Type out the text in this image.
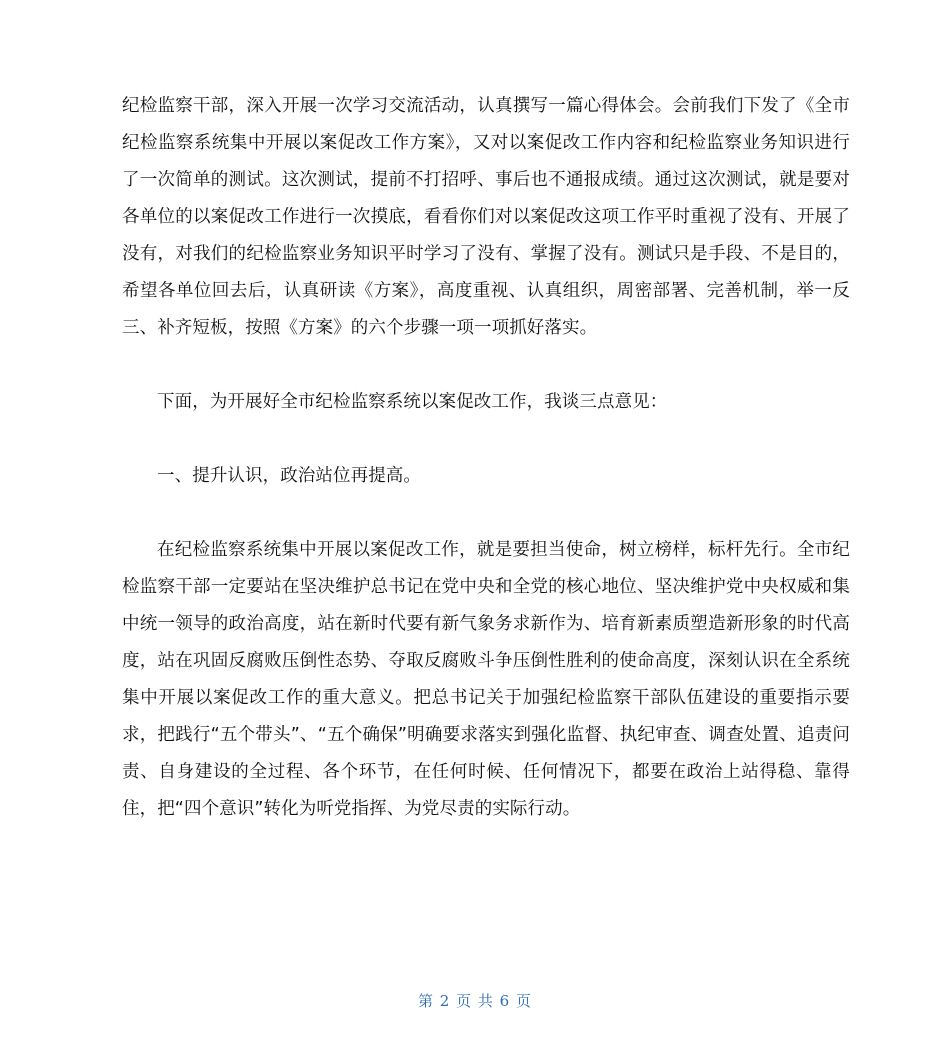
纪检监察干部，深入开展一次学习交流活动，认真撰写一篇心得体会。会前我们下发了《全市纪检监察系统集中开展以案促改工作方案》，又对以案促改工作内容和纪检监察业务知识进行了一次简单的测试。这次测试，提前不打招呼、事后也不通报成绩。通过这次测试，就是要对各单位的以案促改工作进行一次摸底，看看你们对以案促改这项工作平时重视了没有、开展了没有，对我们的纪检监察业务知识平时学习了没有、掌握了没有。测试只是手段、不是目的，希望各单位回去后，认真研读《方案》，高度重视、认真组织，周密部署、完善机制，举一反三、补齐短板，按照《方案》的六个步骤一项一项抓好落实。

下面，为开展好全市纪检监察系统以案促改工作，我谈三点意见：

一、提升认识，政治站位再提高。

在纪检监察系统集中开展以案促改工作，就是要担当使命，树立榜样，标杆先行。全市纪检监察干部一定要站在坚决维护总书记在党中央和全党的核心地位、坚决维护党中央权威和集中统一领导的政治高度，站在新时代要有新气象务求新作为、培育新素质塑造新形象的时代高度，站在巩固反腐败压倒性态势、夺取反腐败斗争压倒性胜利的使命高度，深刻认识在全系统集中开展以案促改工作的重大意义。把总书记关于加强纪检监察干部队伍建设的重要指示要求，把践行“五个带头”、“五个确保”明确要求落实到强化监督、执纪审查、调查处置、追责问责、自身建设的全过程、各个环节，在任何时候、任何情况下，都要在政治上站得稳、靠得住，把“四个意识”转化为听党指挥、为党尽责的实际行动。

第 2 页 共 6 页
